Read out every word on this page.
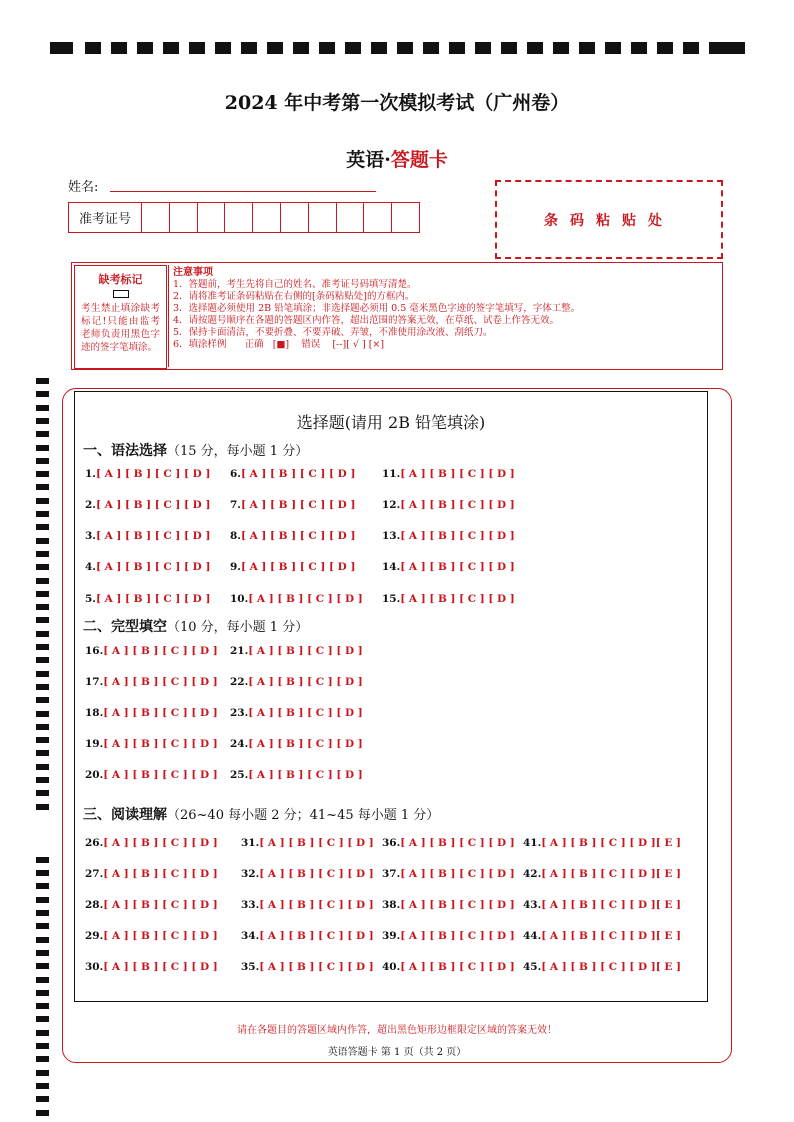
2024 年中考第一次模拟考试（广州卷）
英语·答题卡
姓名:
准考证号	条码粘贴处
缺考标记
考生禁止填涂缺考标记!只能由监考老师负责用黑色字迹的签字笔填涂。
注意事项
1．答题前，考生先将自己的姓名、准考证号码填写清楚。
2．请将准考证条码粘贴在右侧的[条码粘贴处]的方框内。
3．选择题必须使用 2B 铅笔填涂；非选择题必须用 0.5 毫米黑色字迹的签字笔填写，字体工整。
4．请按题号顺序在各题的答题区内作答，超出范围的答案无效，在草纸、试卷上作答无效。
5．保持卡面清洁，不要折叠、不要弄破、弄皱，不准使用涂改液、刮纸刀。
6．填涂样例 正确 [■] 错误 [--][ √ ] [×]
选择题(请用 2B 铅笔填涂)
一、语法选择（15 分，每小题 1 分）
二、完型填空（10 分，每小题 1 分）
三、阅读理解（26~40 每小题 2 分；41~45 每小题 1 分）
1.[ A ] [ B ] [ C ] [ D ]
2.[ A ] [ B ] [ C ] [ D ]
3.[ A ] [ B ] [ C ] [ D ]
4.[ A ] [ B ] [ C ] [ D ]
5.[ A ] [ B ] [ C ] [ D ]
6.[ A ] [ B ] [ C ] [ D ]
7.[ A ] [ B ] [ C ] [ D ]
8.[ A ] [ B ] [ C ] [ D ]
9.[ A ] [ B ] [ C ] [ D ]
10.[ A ] [ B ] [ C ] [ D ]
11.[ A ] [ B ] [ C ] [ D ]
12.[ A ] [ B ] [ C ] [ D ]
13.[ A ] [ B ] [ C ] [ D ]
14.[ A ] [ B ] [ C ] [ D ]
15.[ A ] [ B ] [ C ] [ D ]
16.[ A ] [ B ] [ C ] [ D ]
17.[ A ] [ B ] [ C ] [ D ]
18.[ A ] [ B ] [ C ] [ D ]
19.[ A ] [ B ] [ C ] [ D ]
20.[ A ] [ B ] [ C ] [ D ]
21.[ A ] [ B ] [ C ] [ D ]
22.[ A ] [ B ] [ C ] [ D ]
23.[ A ] [ B ] [ C ] [ D ]
24.[ A ] [ B ] [ C ] [ D ]
25.[ A ] [ B ] [ C ] [ D ]
26.[ A ] [ B ] [ C ] [ D ]
27.[ A ] [ B ] [ C ] [ D ]
28.[ A ] [ B ] [ C ] [ D ]
29.[ A ] [ B ] [ C ] [ D ]
30.[ A ] [ B ] [ C ] [ D ]
31.[ A ] [ B ] [ C ] [ D ]
32.[ A ] [ B ] [ C ] [ D ]
33.[ A ] [ B ] [ C ] [ D ]
34.[ A ] [ B ] [ C ] [ D ]
35.[ A ] [ B ] [ C ] [ D ]
36.[ A ] [ B ] [ C ] [ D ]
37.[ A ] [ B ] [ C ] [ D ]
38.[ A ] [ B ] [ C ] [ D ]
39.[ A ] [ B ] [ C ] [ D ]
40.[ A ] [ B ] [ C ] [ D ]
41.[ A ] [ B ] [ C ] [ D ][ E ]
42.[ A ] [ B ] [ C ] [ D ][ E ]
43.[ A ] [ B ] [ C ] [ D ][ E ]
44.[ A ] [ B ] [ C ] [ D ][ E ]
45.[ A ] [ B ] [ C ] [ D ][ E ]
请在各题目的答题区域内作答，超出黑色矩形边框限定区域的答案无效！
英语答题卡 第 1 页（共 2 页）
